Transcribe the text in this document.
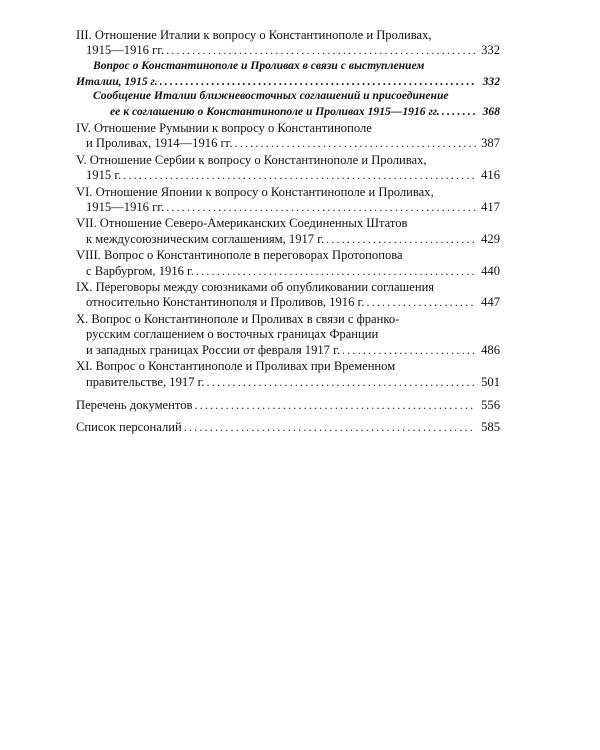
III. Отношение Италии к вопросу о Константинополе и Проливах,
1915—1916 гг. .....	332
Вопрос о Константинополе и Проливах в связи с выступлением
Италии, 1915 г. .....	332
Сообщение Италии ближневосточных соглашений и присоединение
ее к соглашению о Константинополе и Проливах 1915—1916 гг. .....	368
IV. Отношение Румынии к вопросу о Константинополе
и Проливах, 1914—1916 гг. .....	387
V. Отношение Сербии к вопросу о Константинополе и Проливах,
1915 г. .....	416
VI. Отношение Японии к вопросу о Константинополе и Проливах,
1915—1916 гг. .....	417
VII. Отношение Северо-Американских Соединенных Штатов
к междусоюзническим соглашениям, 1917 г. .....	429
VIII. Вопрос о Константинополе в переговорах Протопопова
с Варбургом, 1916 г. .....	440
IX. Переговоры между союзниками об опубликовании соглашения
относительно Константинополя и Проливов, 1916 г. .....	447
X. Вопрос о Константинополе и Проливах в связи с франко-
русским соглашением о восточных границах Франции
и западных границах России от февраля 1917 г. .....	486
XI. Вопрос о Константинополе и Проливах при Временном
правительстве, 1917 г. .....	501
Перечень документов .....	556
Список персоналий .....	585
